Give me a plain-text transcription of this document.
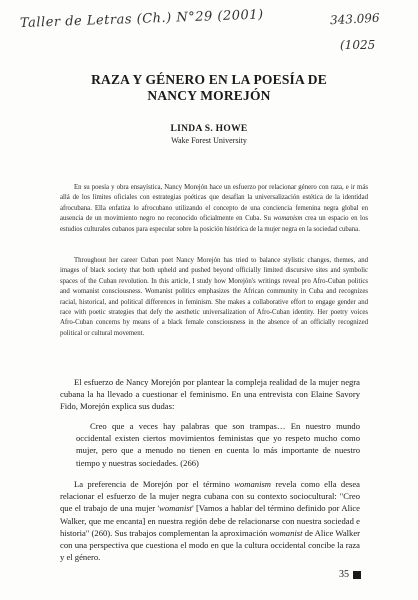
Taller de Letras (Ch.) N°29 (2001)	343.096
(1025
RAZA Y GÉNERO EN LA POESÍA DE
NANCY MOREJÓN
LINDA S. HOWE
Wake Forest University

En su poesía y obra ensayística, Nancy Morejón hace un esfuerzo por relacionar género con raza, e ir más allá de los límites oficiales con estrategias poéticas que desafían la universalización estética de la identidad afrocubana. Ella enfatiza lo afrocubano utilizando el concepto de una conciencia femenina negra global en ausencia de un movimiento negro no reconocido oficialmente en Cuba. Su womanism crea un espacio en los estudios culturales cubanos para especular sobre la posición histórica de la mujer negra en la sociedad cubana.

Throughout her career Cuban poet Nancy Morejón has tried to balance stylistic changes, themes, and images of black society that both upheld and pushed beyond officially limited discursive sites and symbolic spaces of the Cuban revolution. In this article, I study how Morejón's writings reveal pro Afro-Cuban politics and womanist consciousness. Womanist politics emphasizes the African community in Cuba and recognizes racial, historical, and political differences in feminism. She makes a collaborative effort to engage gender and race with poetic strategies that defy the aesthetic universalization of Afro-Cuban identity. Her poetry voices Afro-Cuban concerns by means of a black female consciousness in the absence of an officially recognized political or cultural movement.

El esfuerzo de Nancy Morejón por plantear la compleja realidad de la mujer negra cubana la ha llevado a cuestionar el feminismo. En una entrevista con Elaine Savory Fido, Morejón explica sus dudas:

Creo que a veces hay palabras que son trampas… En nuestro mundo occidental existen ciertos movimientos feministas que yo respeto mucho como mujer, pero que a menudo no tienen en cuenta lo más importante de nuestro tiempo y nuestras sociedades. (266)

La preferencia de Morejón por el término womanism revela como ella desea relacionar el esfuerzo de la mujer negra cubana con su contexto sociocultural: "Creo que el trabajo de una mujer 'womanist' [Vamos a hablar del término definido por Alice Walker, que me encanta] en nuestra región debe de relacionarse con nuestra sociedad e historia" (260). Sus trabajos complementan la aproximación womanist de Alice Walker con una perspectiva que cuestiona el modo en que la cultura occidental concibe la raza y el género.

35
